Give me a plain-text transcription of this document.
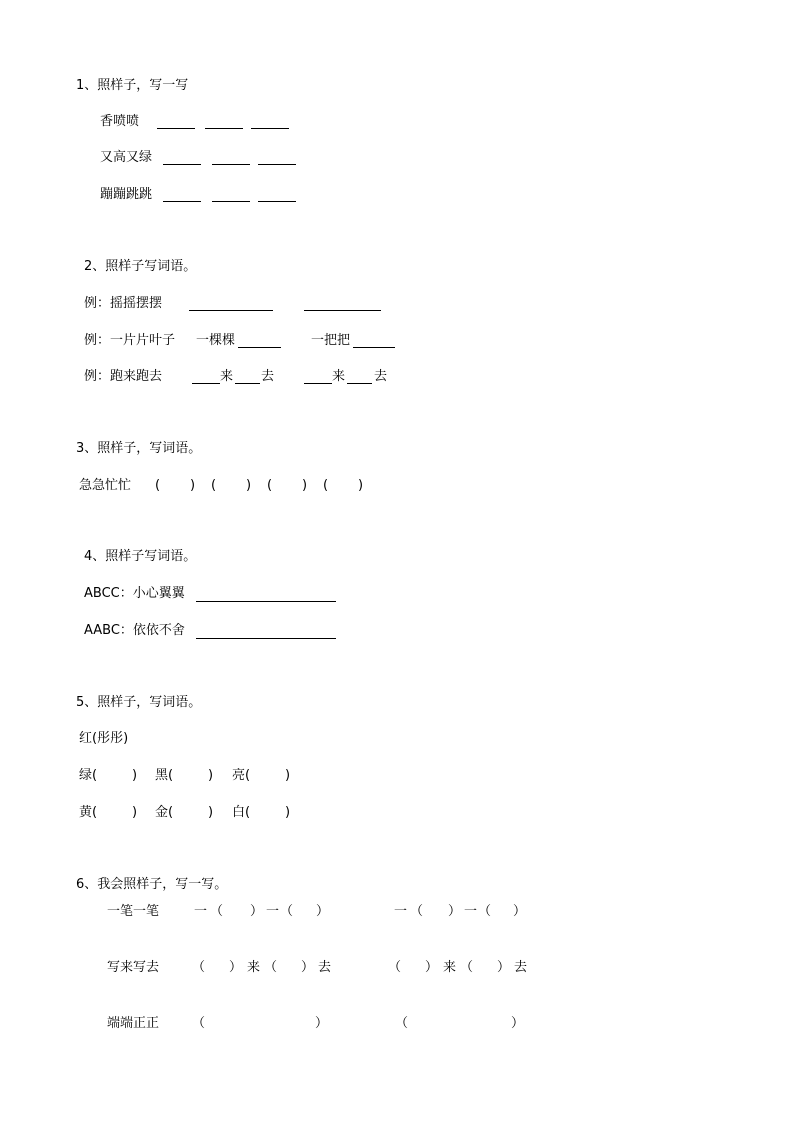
1、照样子，写一写
香喷喷
又高又绿
蹦蹦跳跳
2、照样子写词语。
例：摇摇摆摆
例：一片片叶子 一棵棵	一把把
例：跑来跑去	来 去	来 去
3、照样子，写词语。
急急忙忙 ( ) ( ) ( ) ( )
4、照样子写词语。
ABCC：小心翼翼
AABC：依依不舍
5、照样子，写词语。
红(彤彤)
绿(	) 黑(	) 亮(	)
黄(	) 金(	) 白(	)
6、我会照样子，写一写。
一笔一笔	一 （ ） 一 （ ）	一 （ ） 一 （ ）
写来写去	（ ） 来 （ ） 去	（ ） 来 （ ） 去
端端正正	（	）	（	）
